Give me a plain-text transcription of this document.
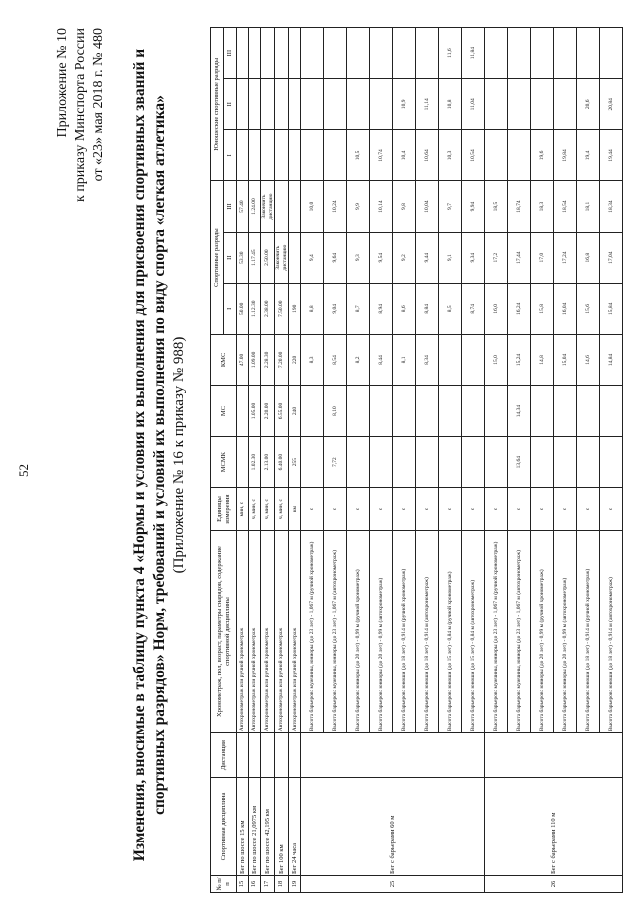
52
Приложение № 10 к приказу Минспорта России от «23» мая 2018 г. № 480 Изменения, вносимые в таблицу пункта 4 «Нормы и условия их выполнения для присвоения спортивных званий и спортивных разрядов» Норм, требований и условий их выполнения по виду спорта «легкая атлетика» (Приложение № 16 к приказу № 988)
№ п/п	Спортивная дисциплина	Дистанция	Хронометраж, пол, возраст, параметры снарядов, содержание спортивной дисциплины	Единицы измерения	МСМК	МС	КМС	Спортивные разряды			Юношеские спортивные разряды		
								I	II	III	I	II	III
15	Бег по шоссе 15 км		Автохронометраж или ручной хронометраж	мин, с			47.00	50.00	53.30	57.40			
16	Бег по шоссе 21,0975 км		Автохронометраж или ручной хронометраж	ч, мин, с	1.02.30	1.05.00	1.09.00	1.12.30	1.17.45	1.24.00			
17	Бег по шоссе 42,195 км		Автохронометраж или ручной хронометраж	ч, мин, с	2.13.00	2.20.00	2.28.30	2.38.00	2.50.00	Закончить дистанцию			
18	Бег 100 км		Автохронометраж или ручной хронометраж	ч, мин, с	6.40.00	6.55.00	7.20.00	7.50.00	Закончить дистанцию				
19	Бег 24 часа		Автохронометраж или ручной хронометраж	км	255	240	220	190					
25	Бег с барьерами 60 м		Высота барьеров: мужчины, юниоры (до 23 лет) - 1,067 м (ручной хронометраж)	с			8,3	8,8	9,4	10,0			
			Высота барьеров: мужчины, юниоры (до 23 лет) - 1,067 м (автохронометраж)	с	7,72	8,10	8,54	9,04	9,64	10,24			
			Высота барьеров: юниоры (до 20 лет) - 0,99 м (ручной хронометраж)	с			8,2	8,7	9,3	9,9	10,5		
			Высота барьеров: юниоры (до 20 лет) - 0,99 м (автохронометраж)	с			8,44	8,94	9,54	10,14	10,74		
			Высота барьеров: юноши (до 18 лет) - 0,914 м (ручной хронометраж)	с			8,1	8,6	9,2	9,8	10,4	10,9	
			Высота барьеров: юноши (до 18 лет) - 0,914 м (автохронометраж)	с			8,34	8,84	9,44	10,04	10,64	11,14	
			Высота барьеров: юноши (до 15 лет) - 0,84 м (ручной хронометраж)	с				8,5	9,1	9,7	10,3	10,8	11,6
			Высота барьеров: юноши (до 15 лет) - 0,84 м (автохронометраж)	с				8,74	9,34	9,94	10,54	11,04	11,84
26	Бег с барьерами 110 м		Высота барьеров: мужчины, юниоры (до 23 лет) - 1,067 м (ручной хронометраж)	с			15,0	16,0	17,2	18,5			
			Высота барьеров: мужчины, юниоры (до 23 лет) - 1,067 м (автохронометраж)	с	13,64	14,34	15,24	16,24	17,44	18,74			
			Высота барьеров: юниоры (до 20 лет) - 0,99 м (ручной хронометраж)	с			14,8	15,8	17,0	18,3	19,6		
			Высота барьеров: юниоры (до 20 лет) - 0,99 м (автохронометраж)	с			15,04	16,04	17,24	18,54	19,84		
			Высота барьеров: юноши (до 18 лет) - 0,914 м (ручной хронометраж)	с			14,6	15,6	16,8	18,1	19,4	20,6	
			Высота барьеров: юноши (до 18 лет) - 0,914 м (автохронометраж)	с			14,84	15,84	17,04	18,34	19,44	20,84	
